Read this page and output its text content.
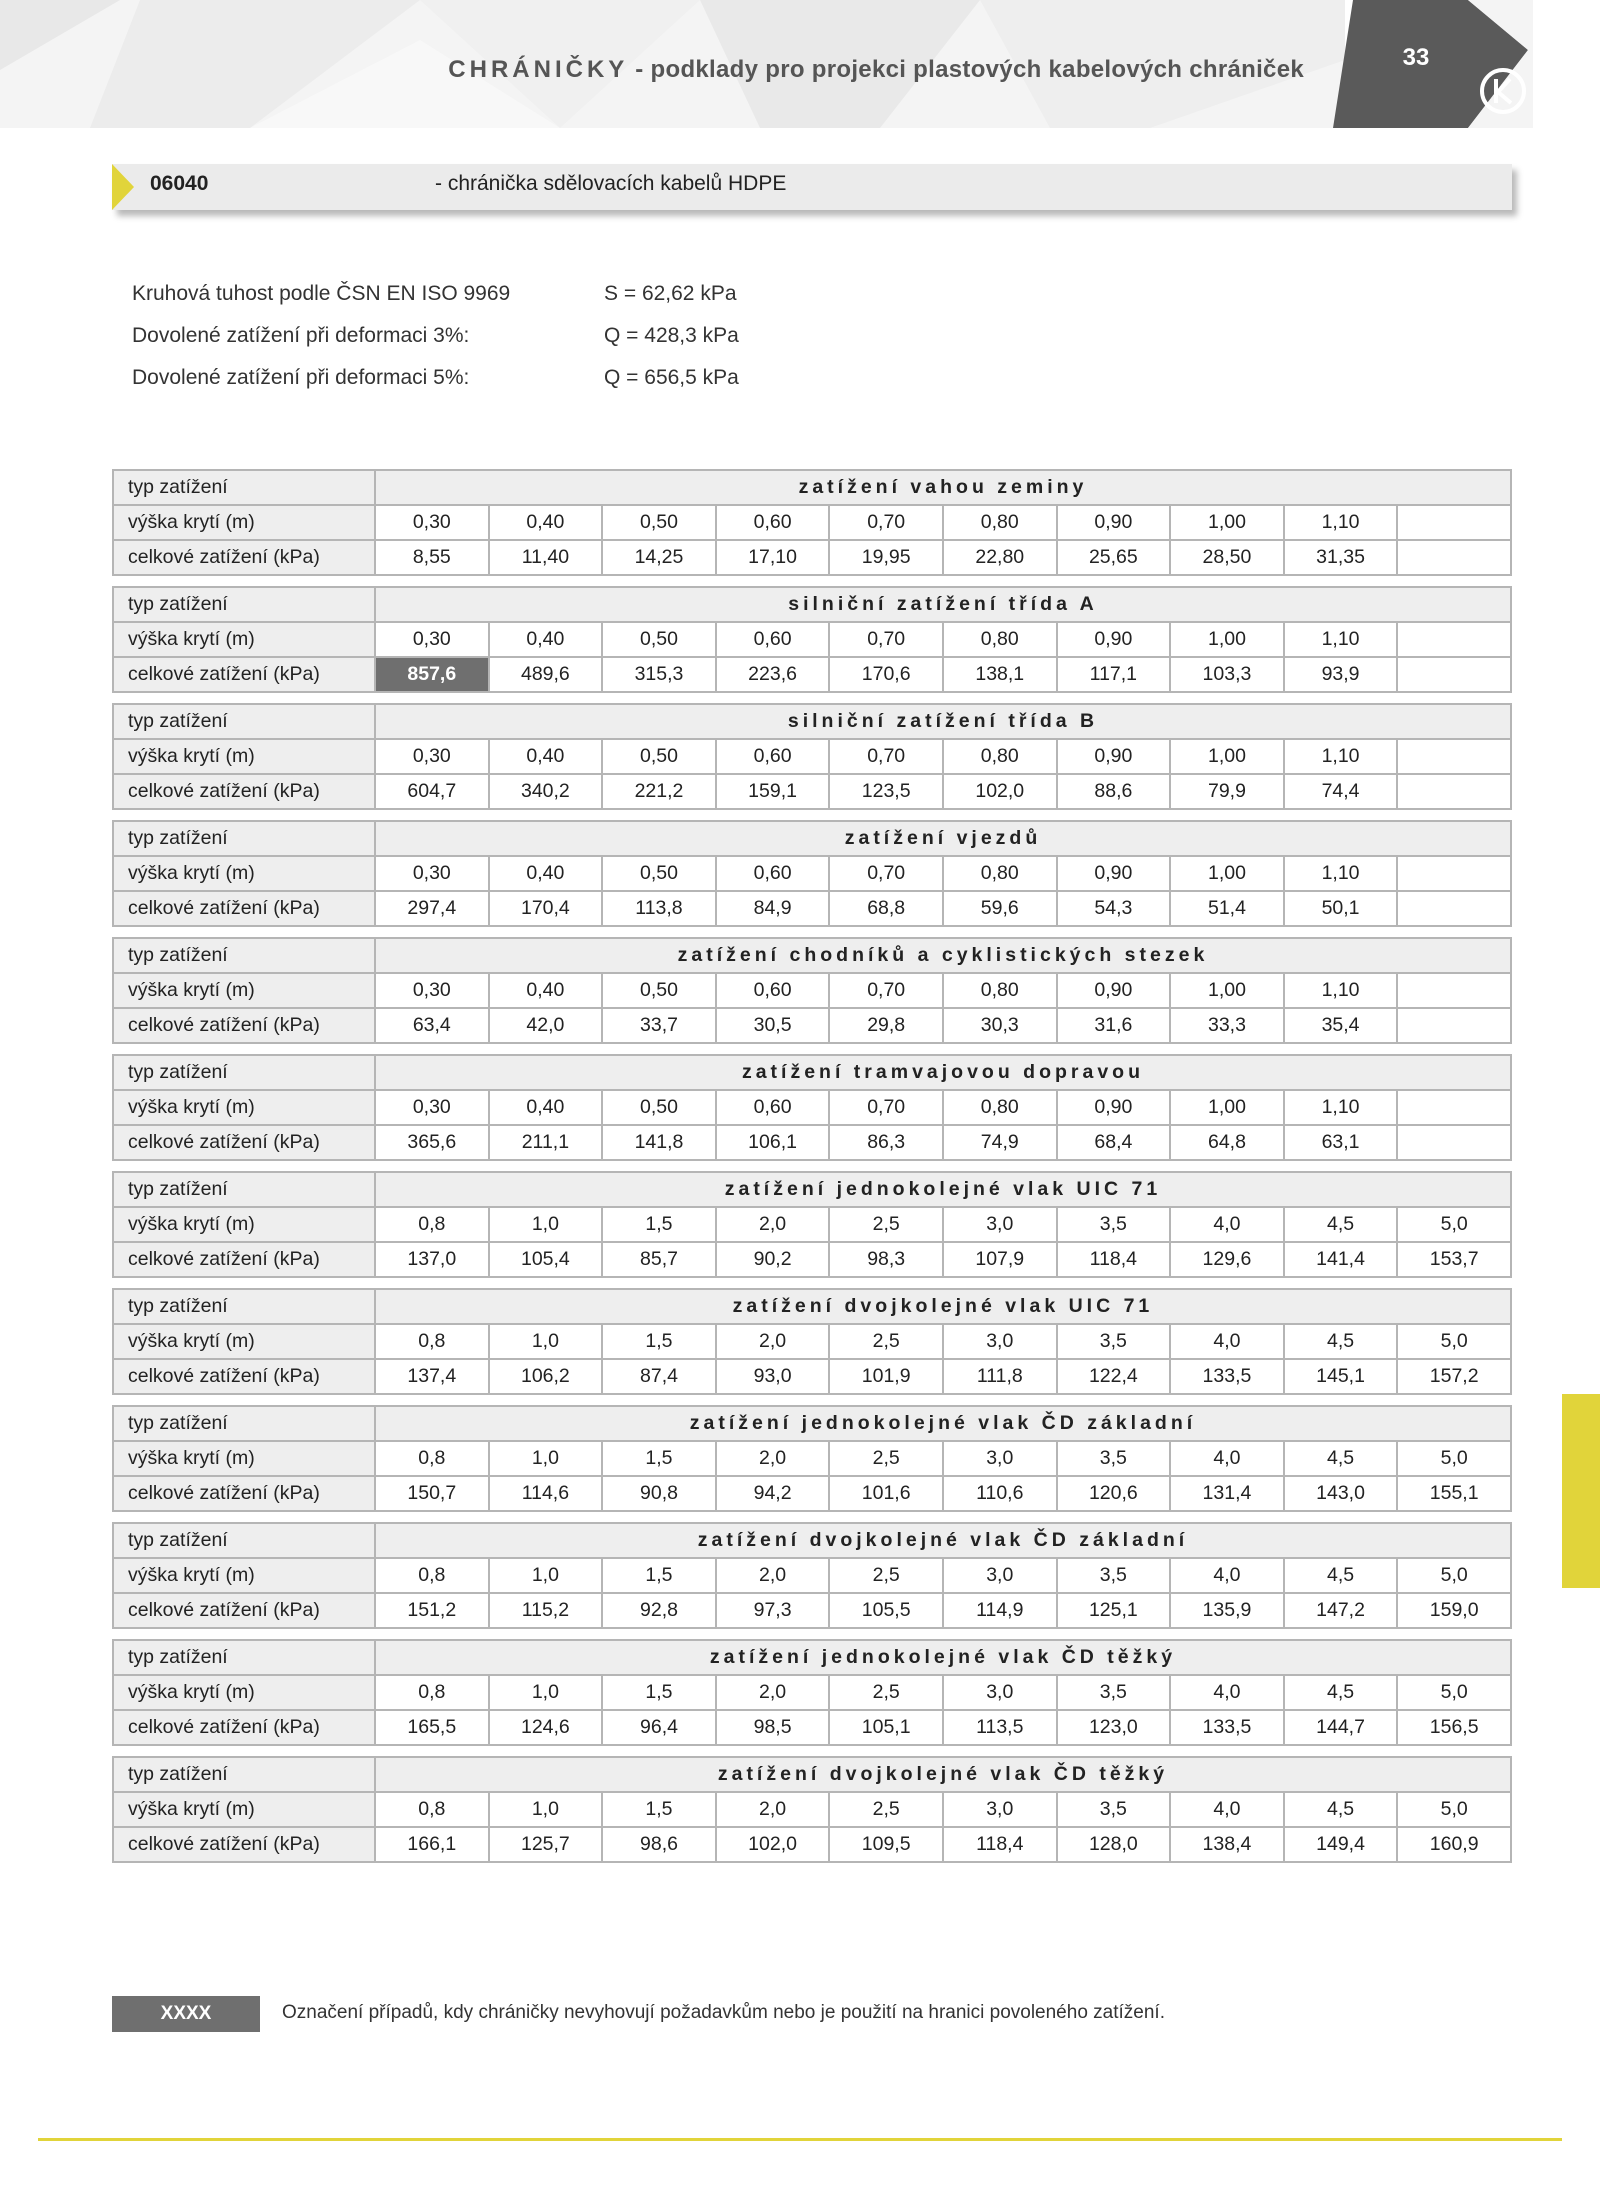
CHRÁNIČKY - podklady pro projekci plastových kabelových chrániček	33
06040	- chránička sdělovacích kabelů HDPE
Kruhová tuhost podle ČSN EN ISO 9969	S = 62,62 kPa
Dovolené zatížení při deformaci 3%:	Q = 428,3 kPa
Dovolené zatížení při deformaci 5%:	Q = 656,5 kPa
typ zatížení	zatížení vahou zeminy									
výška krytí (m)	0,30	0,40	0,50	0,60	0,70	0,80	0,90	1,00	1,10	
celkové zatížení (kPa)	8,55	11,40	14,25	17,10	19,95	22,80	25,65	28,50	31,35	

typ zatížení	silniční zatížení třída A									
výška krytí (m)	0,30	0,40	0,50	0,60	0,70	0,80	0,90	1,00	1,10	
celkové zatížení (kPa)	857,6	489,6	315,3	223,6	170,6	138,1	117,1	103,3	93,9	

typ zatížení	silniční zatížení třída B									
výška krytí (m)	0,30	0,40	0,50	0,60	0,70	0,80	0,90	1,00	1,10	
celkové zatížení (kPa)	604,7	340,2	221,2	159,1	123,5	102,0	88,6	79,9	74,4	

typ zatížení	zatížení vjezdů									
výška krytí (m)	0,30	0,40	0,50	0,60	0,70	0,80	0,90	1,00	1,10	
celkové zatížení (kPa)	297,4	170,4	113,8	84,9	68,8	59,6	54,3	51,4	50,1	

typ zatížení	zatížení chodníků a cyklistických stezek									
výška krytí (m)	0,30	0,40	0,50	0,60	0,70	0,80	0,90	1,00	1,10	
celkové zatížení (kPa)	63,4	42,0	33,7	30,5	29,8	30,3	31,6	33,3	35,4	

typ zatížení	zatížení tramvajovou dopravou									
výška krytí (m)	0,30	0,40	0,50	0,60	0,70	0,80	0,90	1,00	1,10	
celkové zatížení (kPa)	365,6	211,1	141,8	106,1	86,3	74,9	68,4	64,8	63,1	

typ zatížení	zatížení jednokolejné vlak UIC 71									
výška krytí (m)	0,8	1,0	1,5	2,0	2,5	3,0	3,5	4,0	4,5	5,0
celkové zatížení (kPa)	137,0	105,4	85,7	90,2	98,3	107,9	118,4	129,6	141,4	153,7

typ zatížení	zatížení dvojkolejné vlak UIC 71									
výška krytí (m)	0,8	1,0	1,5	2,0	2,5	3,0	3,5	4,0	4,5	5,0
celkové zatížení (kPa)	137,4	106,2	87,4	93,0	101,9	111,8	122,4	133,5	145,1	157,2

typ zatížení	zatížení jednokolejné vlak ČD základní									
výška krytí (m)	0,8	1,0	1,5	2,0	2,5	3,0	3,5	4,0	4,5	5,0
celkové zatížení (kPa)	150,7	114,6	90,8	94,2	101,6	110,6	120,6	131,4	143,0	155,1

typ zatížení	zatížení dvojkolejné vlak ČD základní									
výška krytí (m)	0,8	1,0	1,5	2,0	2,5	3,0	3,5	4,0	4,5	5,0
celkové zatížení (kPa)	151,2	115,2	92,8	97,3	105,5	114,9	125,1	135,9	147,2	159,0

typ zatížení	zatížení jednokolejné vlak ČD těžký									
výška krytí (m)	0,8	1,0	1,5	2,0	2,5	3,0	3,5	4,0	4,5	5,0
celkové zatížení (kPa)	165,5	124,6	96,4	98,5	105,1	113,5	123,0	133,5	144,7	156,5

typ zatížení	zatížení dvojkolejné vlak ČD těžký									
výška krytí (m)	0,8	1,0	1,5	2,0	2,5	3,0	3,5	4,0	4,5	5,0
celkové zatížení (kPa)	166,1	125,7	98,6	102,0	109,5	118,4	128,0	138,4	149,4	160,9
XXXX	Označení případů, kdy chráničky nevyhovují požadavkům nebo je použití na hranici povoleného zatížení.
